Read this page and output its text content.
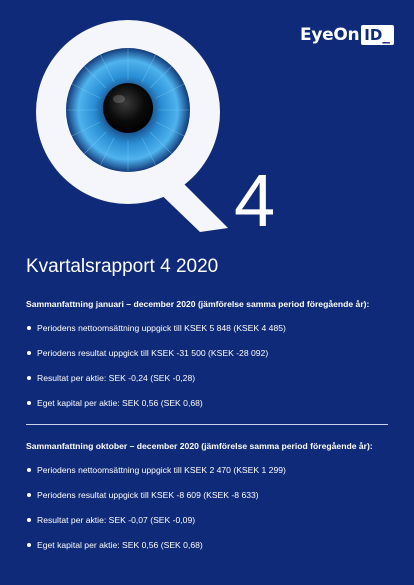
EyeOn ID_
4
Kvartalsrapport 4 2020
Sammanfattning januari – december 2020 (jämförelse samma period föregående år):
Periodens nettoomsättning uppgick till KSEK 5 848 (KSEK 4 485)
Periodens resultat uppgick till KSEK -31 500 (KSEK -28 092)
Resultat per aktie: SEK -0,24 (SEK -0,28)
Eget kapital per aktie: SEK 0,56 (SEK 0,68)
Sammanfattning oktober – december 2020 (jämförelse samma period föregående år):
Periodens nettoomsättning uppgick till KSEK 2 470 (KSEK 1 299)
Periodens resultat uppgick till KSEK -8 609 (KSEK -8 633)
Resultat per aktie: SEK -0,07 (SEK -0,09)
Eget kapital per aktie: SEK 0,56 (SEK 0,68)
